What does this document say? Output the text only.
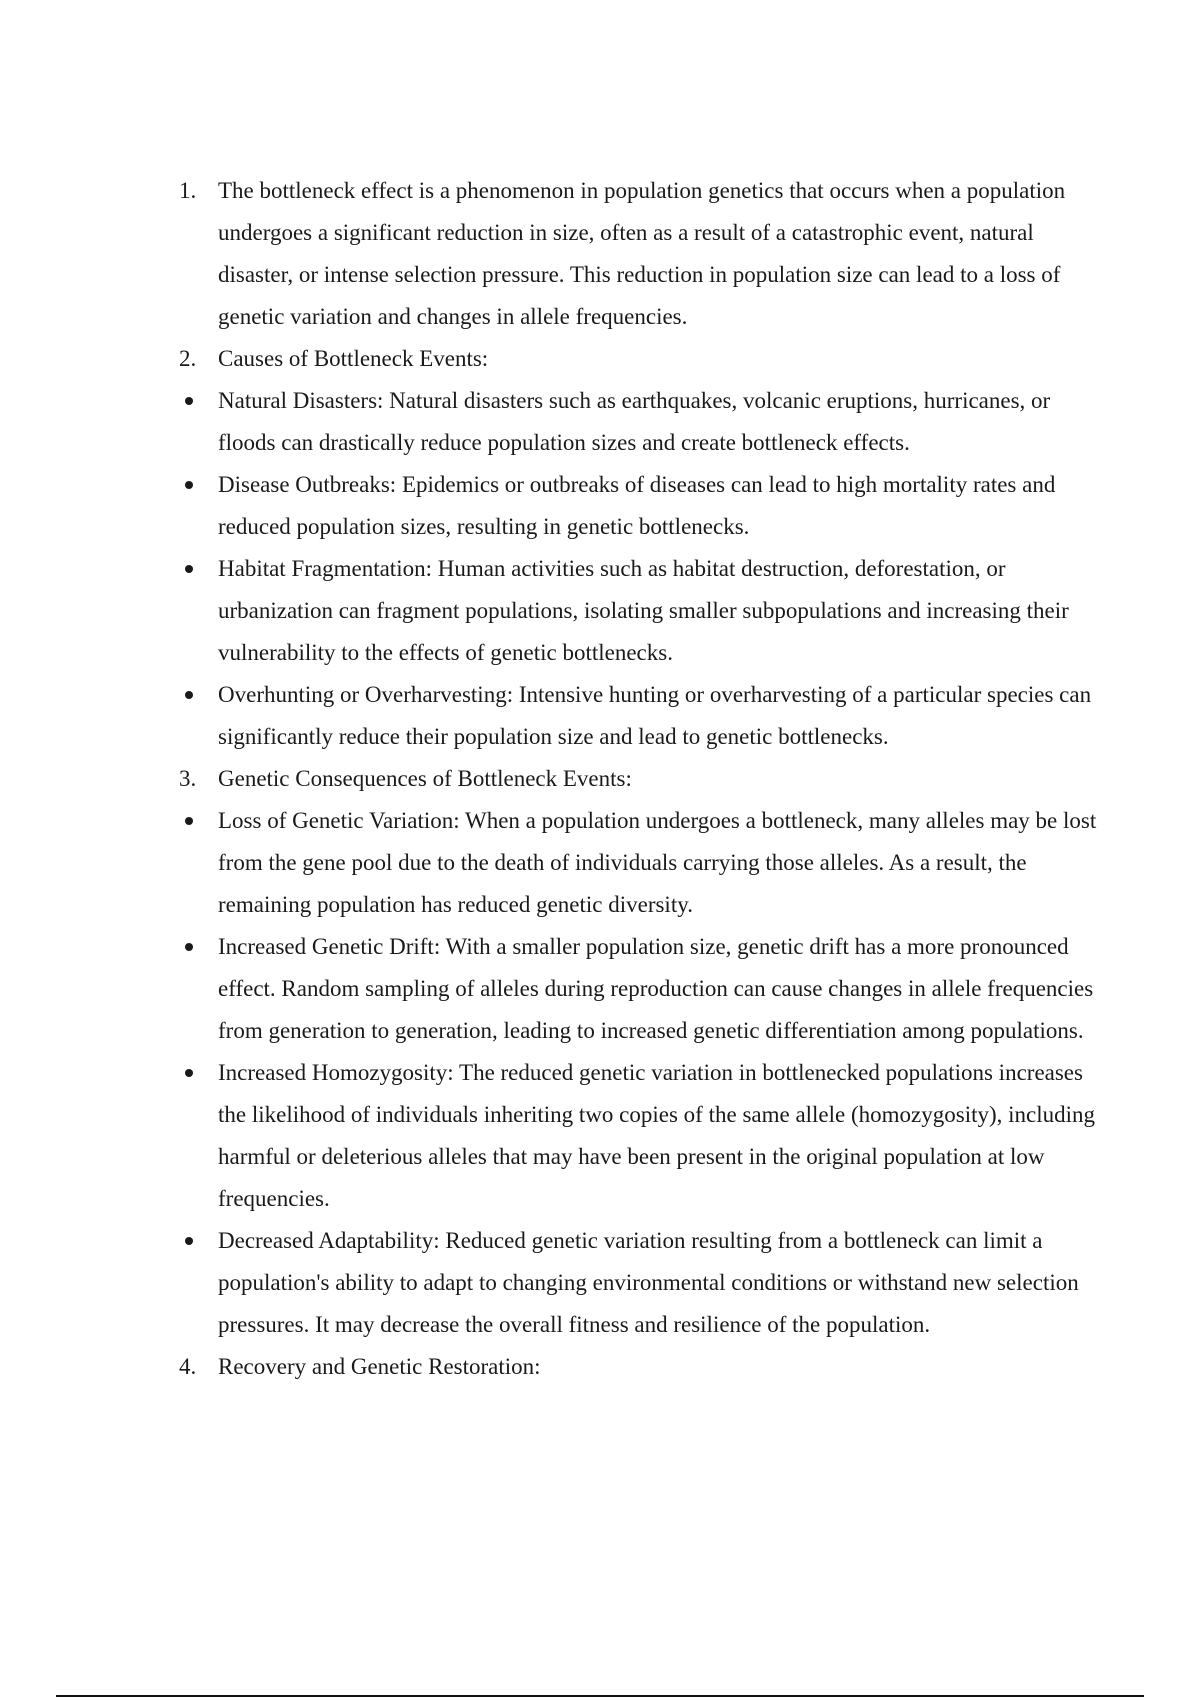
1. The bottleneck effect is a phenomenon in population genetics that occurs when a population undergoes a significant reduction in size, often as a result of a catastrophic event, natural disaster, or intense selection pressure. This reduction in population size can lead to a loss of genetic variation and changes in allele frequencies.
2. Causes of Bottleneck Events:
Natural Disasters: Natural disasters such as earthquakes, volcanic eruptions, hurricanes, or floods can drastically reduce population sizes and create bottleneck effects.
Disease Outbreaks: Epidemics or outbreaks of diseases can lead to high mortality rates and reduced population sizes, resulting in genetic bottlenecks.
Habitat Fragmentation: Human activities such as habitat destruction, deforestation, or urbanization can fragment populations, isolating smaller subpopulations and increasing their vulnerability to the effects of genetic bottlenecks.
Overhunting or Overharvesting: Intensive hunting or overharvesting of a particular species can significantly reduce their population size and lead to genetic bottlenecks.
3. Genetic Consequences of Bottleneck Events:
Loss of Genetic Variation: When a population undergoes a bottleneck, many alleles may be lost from the gene pool due to the death of individuals carrying those alleles. As a result, the remaining population has reduced genetic diversity.
Increased Genetic Drift: With a smaller population size, genetic drift has a more pronounced effect. Random sampling of alleles during reproduction can cause changes in allele frequencies from generation to generation, leading to increased genetic differentiation among populations.
Increased Homozygosity: The reduced genetic variation in bottlenecked populations increases the likelihood of individuals inheriting two copies of the same allele (homozygosity), including harmful or deleterious alleles that may have been present in the original population at low frequencies.
Decreased Adaptability: Reduced genetic variation resulting from a bottleneck can limit a population's ability to adapt to changing environmental conditions or withstand new selection pressures. It may decrease the overall fitness and resilience of the population.
4. Recovery and Genetic Restoration:
